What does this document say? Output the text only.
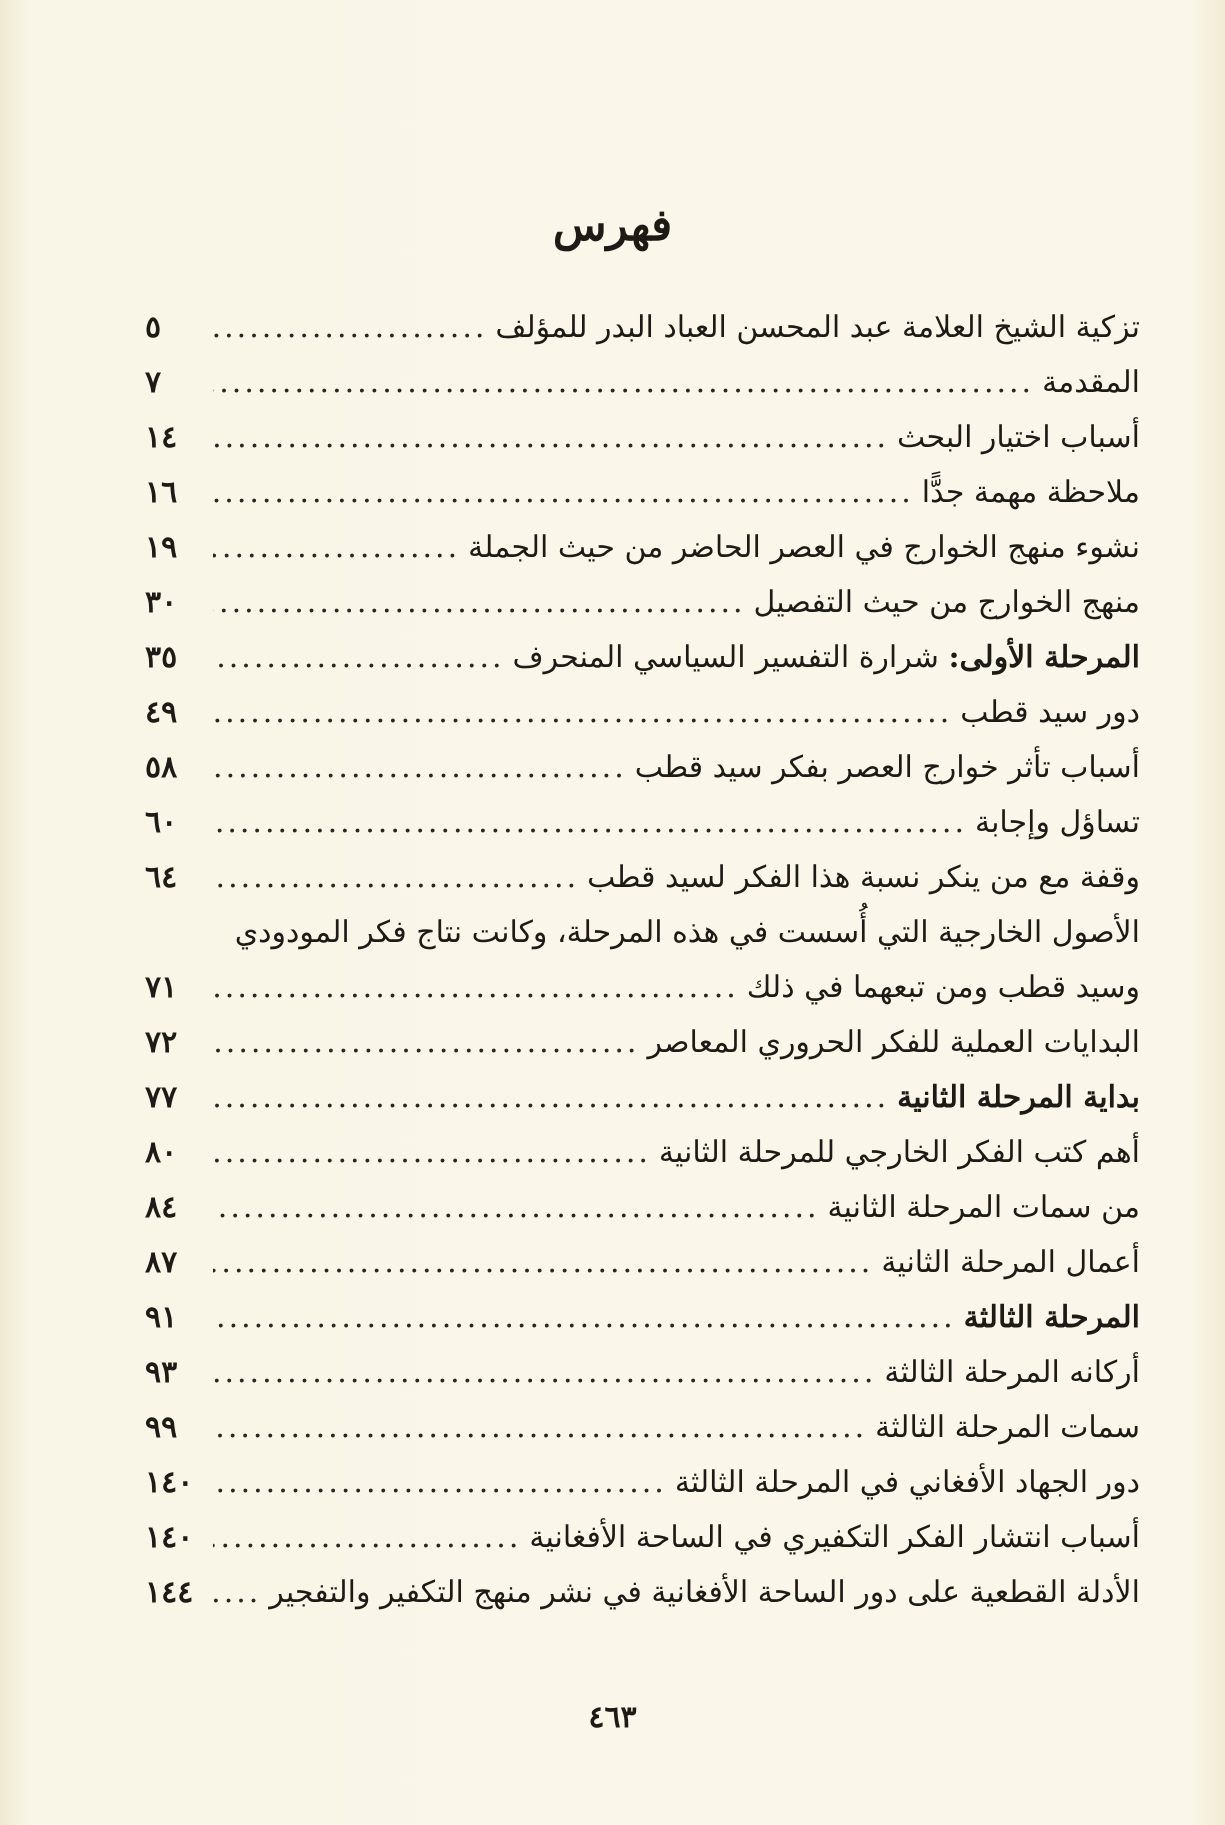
فهرس
تزكية الشيخ العلامة عبد المحسن العباد البدر للمؤلف
.....
٥
المقدمة
.....
٧
أسباب اختيار البحث
.....
١٤
ملاحظة مهمة جدًّا
.....
١٦
نشوء منهج الخوارج في العصر الحاضر من حيث الجملة
.....
١٩
منهج الخوارج من حيث التفصيل
.....
٣٠
المرحلة الأولى: شرارة التفسير السياسي المنحرف
.....
٣٥
دور سيد قطب
.....
٤٩
أسباب تأثر خوارج العصر بفكر سيد قطب
.....
٥٨
تساؤل وإجابة
.....
٦٠
وقفة مع من ينكر نسبة هذا الفكر لسيد قطب
.....
٦٤
الأصول الخارجية التي أُسست في هذه المرحلة، وكانت نتاج فكر المودودي
وسيد قطب ومن تبعهما في ذلك
.....
٧١
البدايات العملية للفكر الحروري المعاصر
.....
٧٢
بداية المرحلة الثانية
.....
٧٧
أهم كتب الفكر الخارجي للمرحلة الثانية
.....
٨٠
من سمات المرحلة الثانية
.....
٨٤
أعمال المرحلة الثانية
.....
٨٧
المرحلة الثالثة
.....
٩١
أركانه المرحلة الثالثة
.....
٩٣
سمات المرحلة الثالثة
.....
٩٩
دور الجهاد الأفغاني في المرحلة الثالثة
.....
١٤٠
أسباب انتشار الفكر التكفيري في الساحة الأفغانية
.....
١٤٠
الأدلة القطعية على دور الساحة الأفغانية في نشر منهج التكفير والتفجير
.....
١٤٤
٤٦٣
